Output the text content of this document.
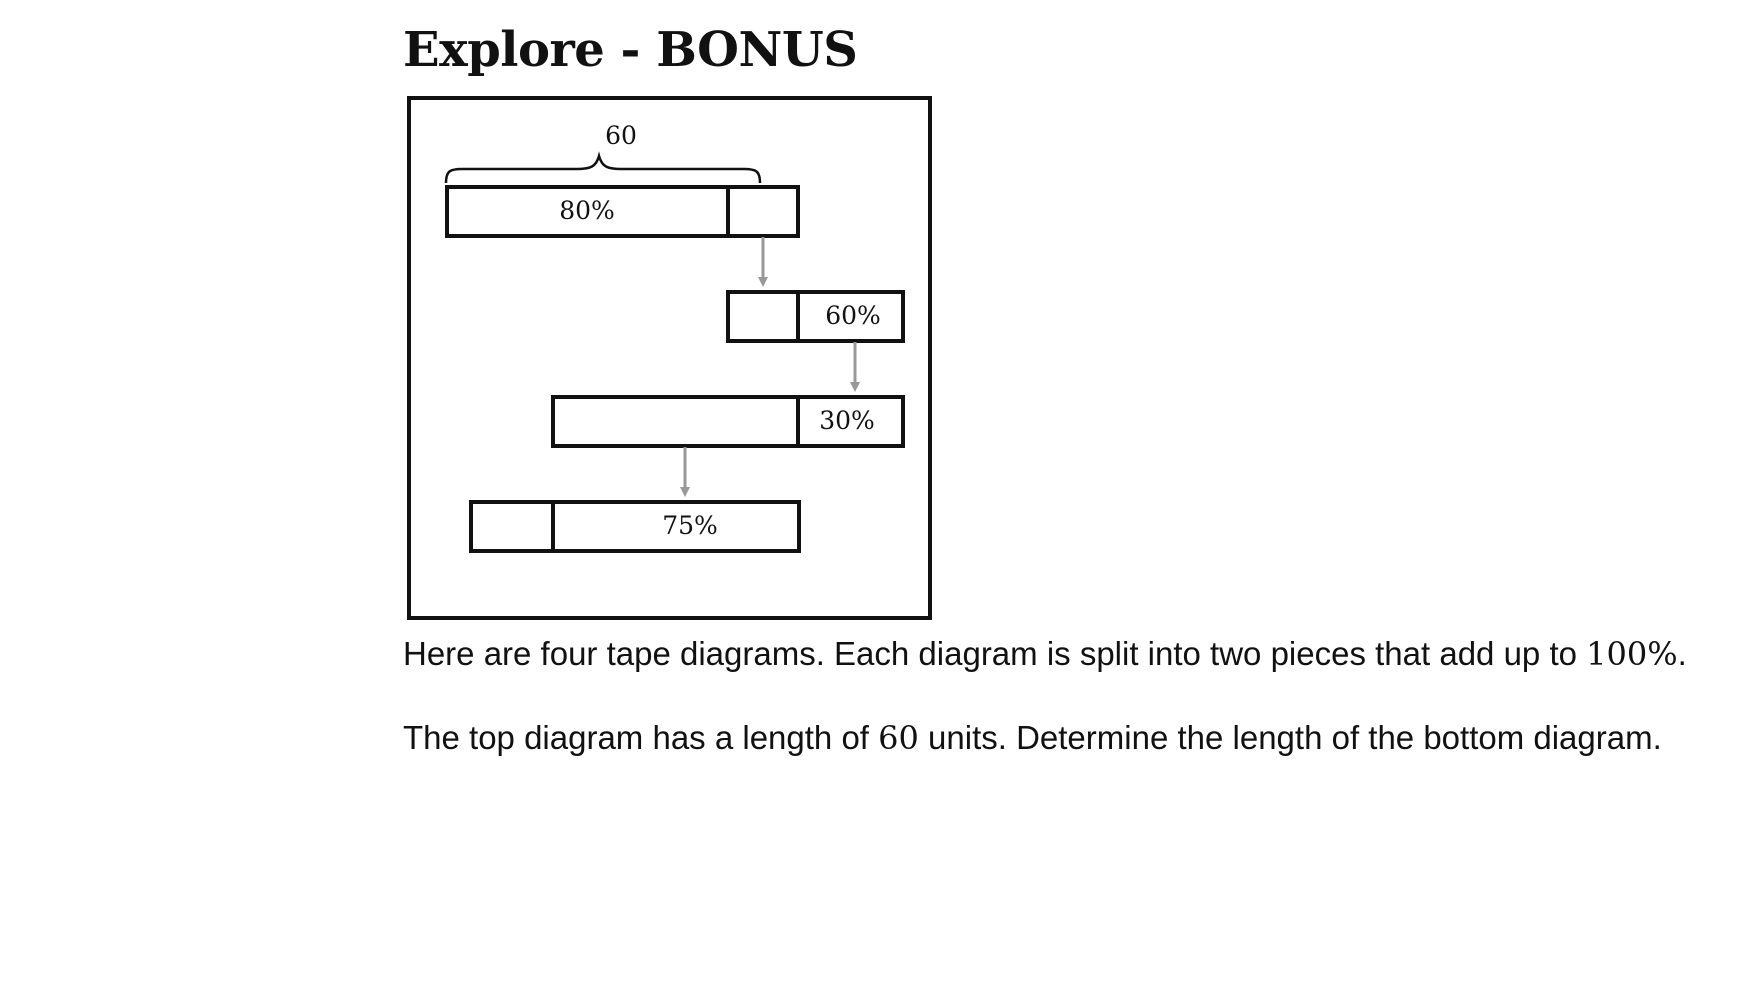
Explore - BONUS
60
80%
60%
30%
75%

Here are four tape diagrams. Each diagram is split into two pieces that add up to 100%.

The top diagram has a length of 60 units. Determine the length of the bottom diagram.
